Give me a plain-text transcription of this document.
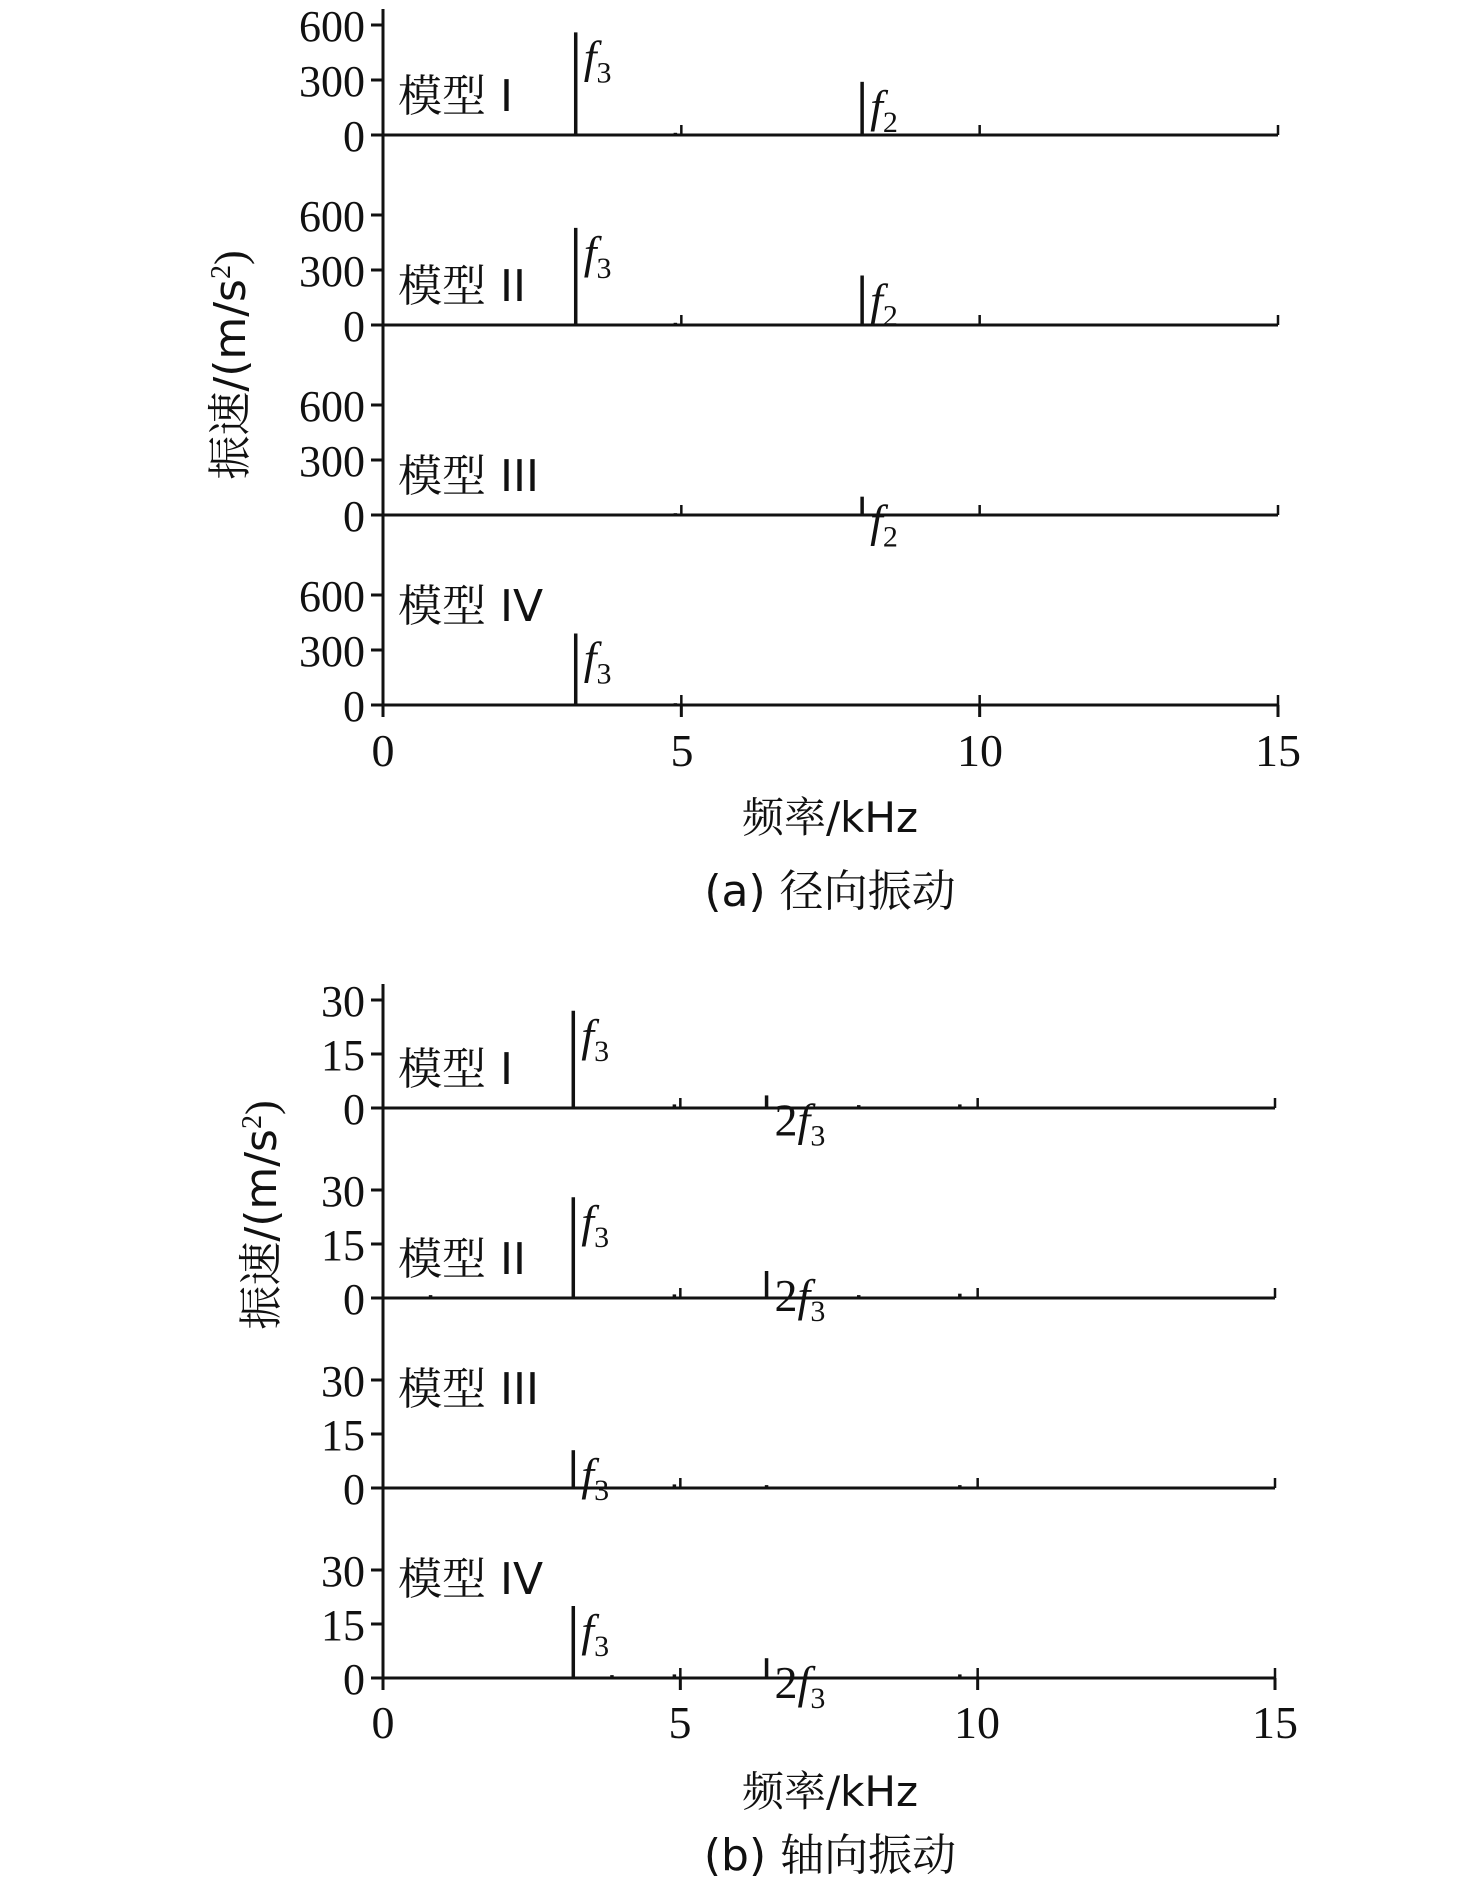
0
300
600
模型 I
$f_3$
$f_2$
0
300
600
模型 II
$f_3$
$f_2$
0
300
600
模型 III
$f_2$
0
300
600 模型 IV
$f_3$
0	5	10	15
频率/kHz
振速$/(m/s^2)$
(a) 径向振动
0
15
30
模型 I
$f_3$
$2f_3$
0
15
30
模型 II
$f_3$
$2f_3$
0
15
30 模型 III
$f_3$
0
15
30 模型 IV
$f_3$
$2f_3$
0	5	10	15
频率/kHz
振速$/(m/s^2)$
(b) 轴向振动
